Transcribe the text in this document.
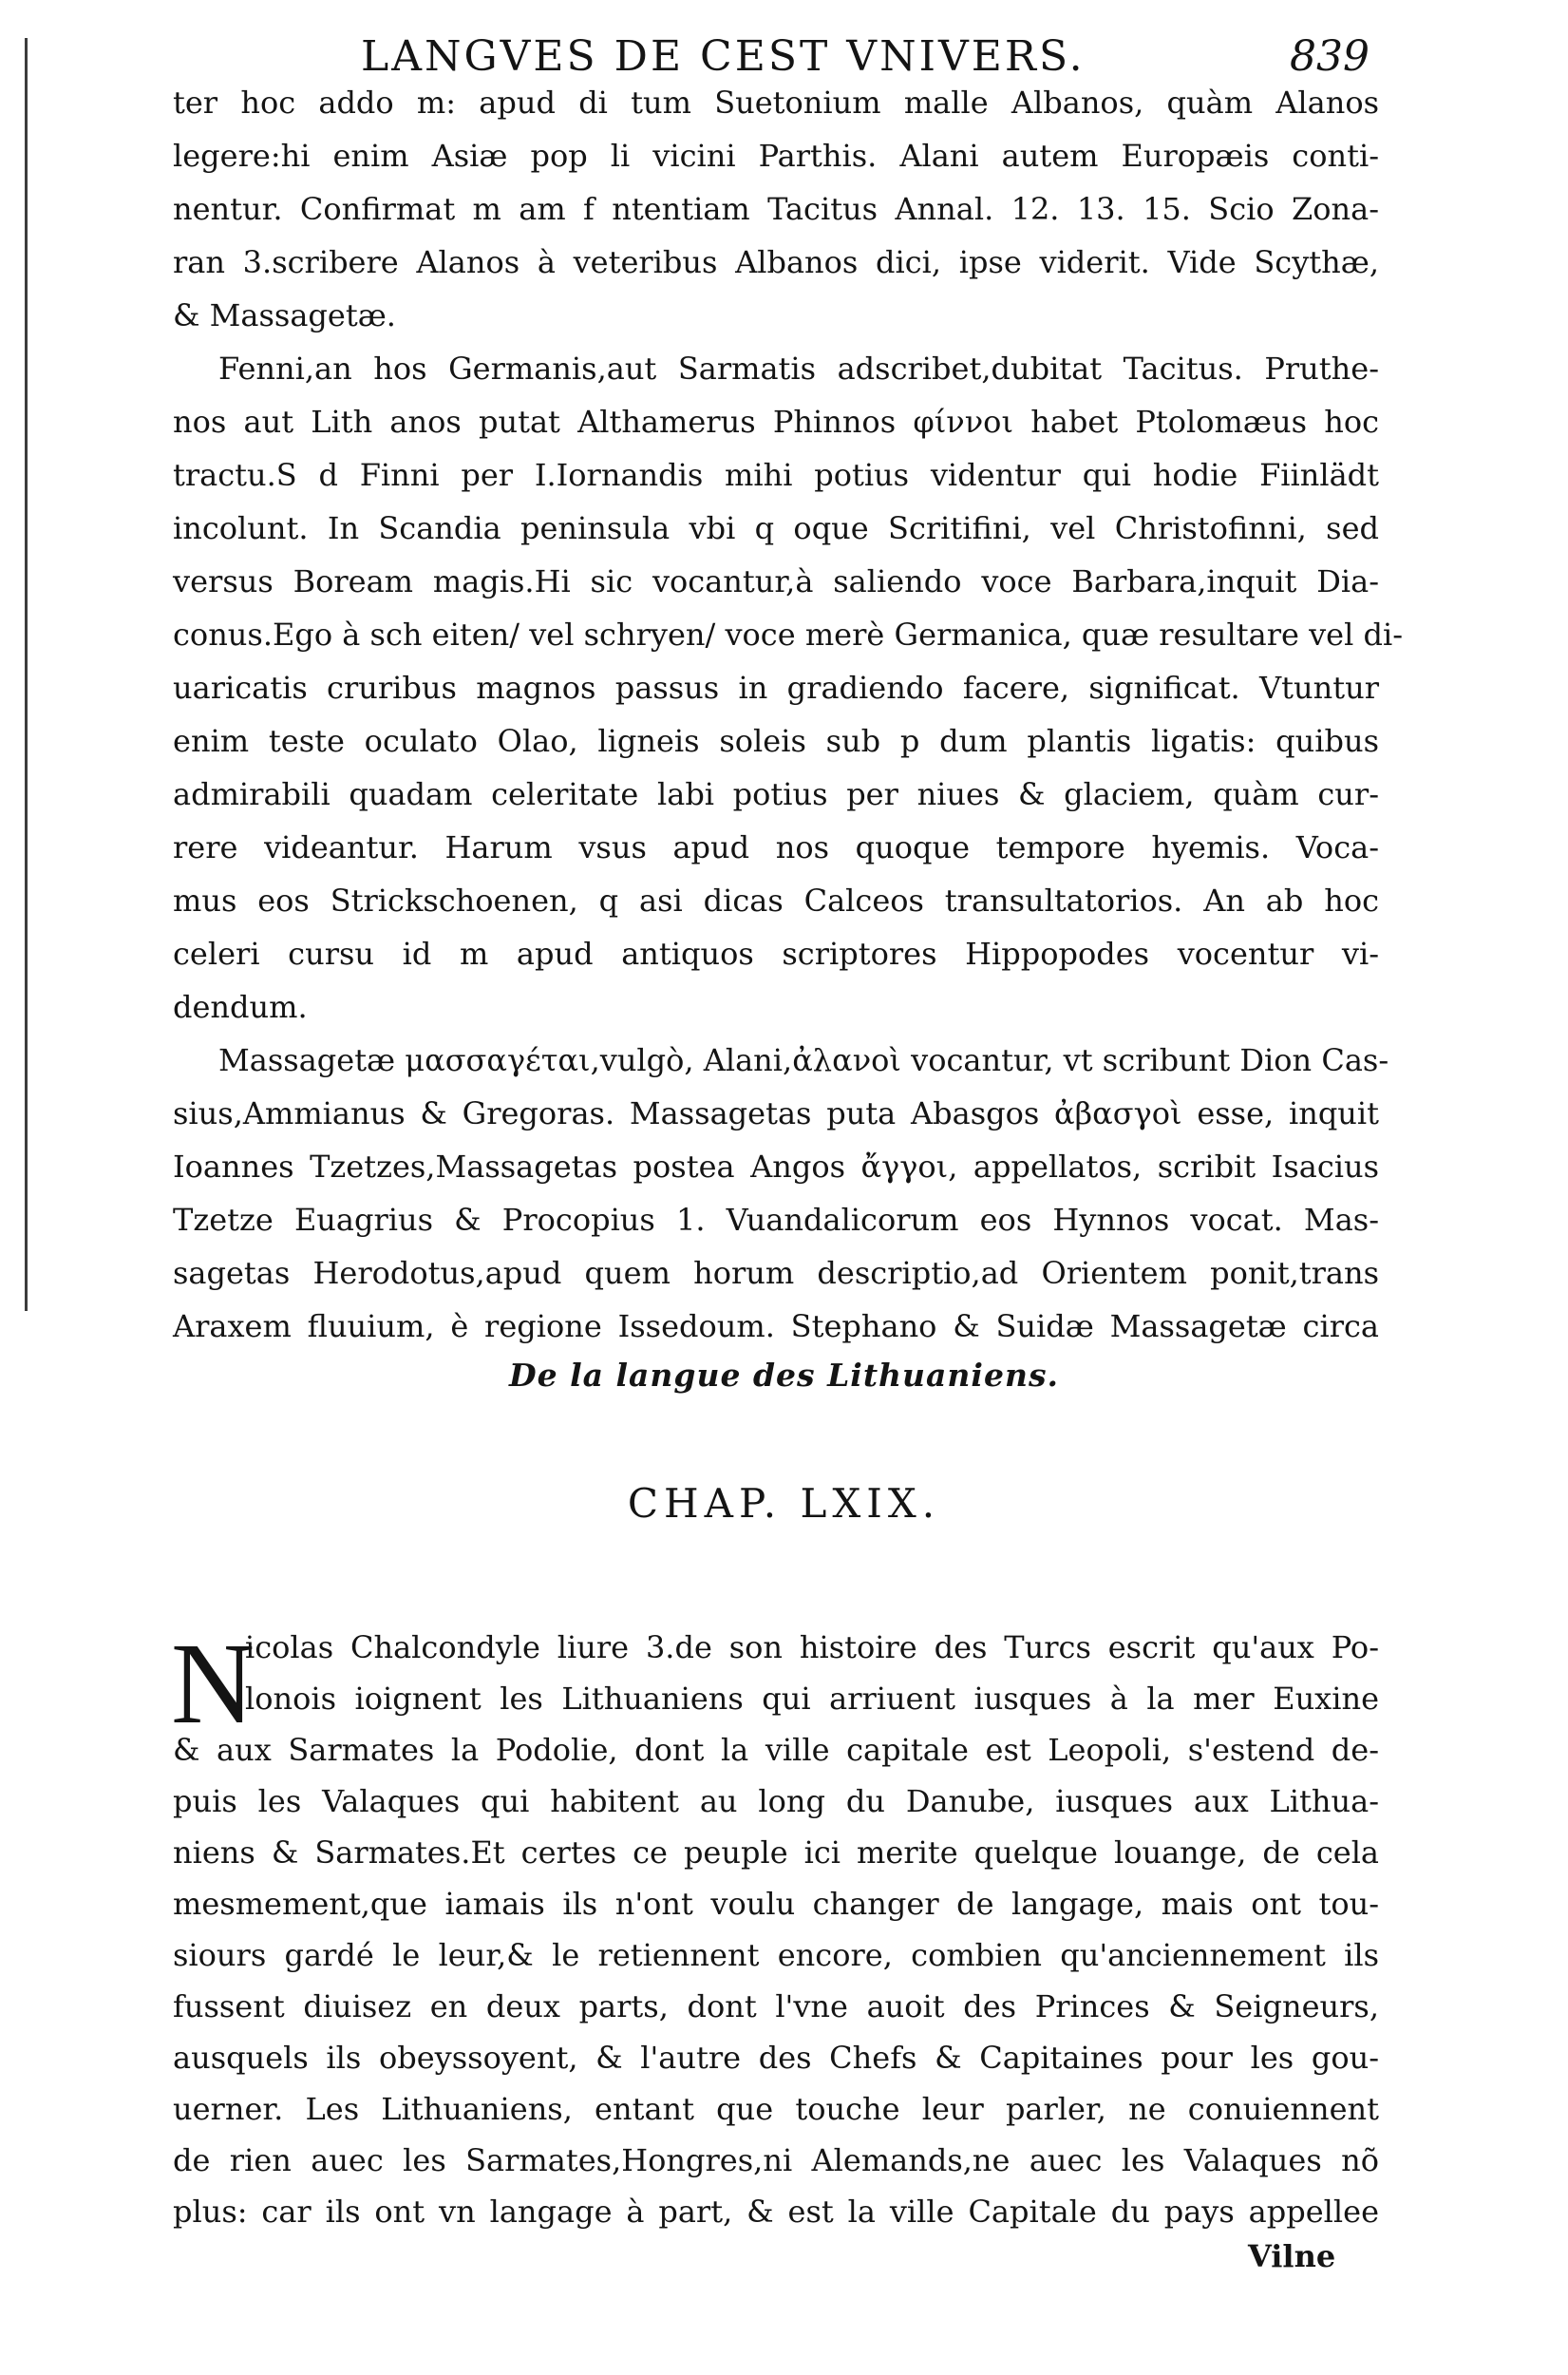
LANGVES DE CEST VNIVERS.	839
ter hoc addo m: apud di tum Suetonium malle Albanos, quàm Alanos
legere:hi enim Asiæ pop li vicini Parthis. Alani autem Europæis conti-
nentur. Confirmat m am f ntentiam Tacitus Annal. 12. 13. 15. Scio Zona-
ran 3.scribere Alanos à veteribus Albanos dici, ipse viderit. Vide Scythæ,
& Massagetæ.
Fenni,an hos Germanis,aut Sarmatis adscribet,dubitat Tacitus. Pruthe-
nos aut Lith anos putat Althamerus Phinnos φίννοι habet Ptolomæus hoc
tractu.S d Finni per I.Iornandis mihi potius videntur qui hodie Fiinlädt
incolunt. In Scandia peninsula vbi q oque Scritifini, vel Christofinni, sed
versus Boream magis.Hi sic vocantur,à saliendo voce Barbara,inquit Dia-
conus.Ego à sch eiten/ vel schryen/ voce merè Germanica, quæ resultare vel di-
uaricatis cruribus magnos passus in gradiendo facere, significat. Vtuntur
enim teste oculato Olao, ligneis soleis sub p dum plantis ligatis: quibus
admirabili quadam celeritate labi potius per niues & glaciem, quàm cur-
rere videantur. Harum vsus apud nos quoque tempore hyemis. Voca-
mus eos Strickschoenen, q asi dicas Calceos transultatorios. An ab hoc
celeri cursu id m apud antiquos scriptores Hippopodes vocentur vi-
dendum.
Massagetæ μασσαγέται,vulgò, Alani,ἀλανοὶ vocantur, vt scribunt Dion Cas-
sius,Ammianus & Gregoras. Massagetas puta Abasgos ἀβασγοὶ esse, inquit
Ioannes Tzetzes,Massagetas postea Angos ἄγγοι, appellatos, scribit Isacius
Tzetze Euagrius & Procopius 1. Vuandalicorum eos Hynnos vocat. Mas-
sagetas Herodotus,apud quem horum descriptio,ad Orientem ponit,trans
Araxem fluuium, è regione Issedoum. Stephano & Suidæ Massagetæ circa
De la langue des Lithuaniens.
CHAP. LXIX.
N
icolas Chalcondyle liure 3.de son histoire des Turcs escrit qu'aux Po-
lonois ioignent les Lithuaniens qui arriuent iusques à la mer Euxine
& aux Sarmates la Podolie, dont la ville capitale est Leopoli, s'estend de-
puis les Valaques qui habitent au long du Danube, iusques aux Lithua-
niens & Sarmates.Et certes ce peuple ici merite quelque louange, de cela
mesmement,que iamais ils n'ont voulu changer de langage, mais ont tou-
siours gardé le leur,& le retiennent encore, combien qu'anciennement ils
fussent diuisez en deux parts, dont l'vne auoit des Princes & Seigneurs,
ausquels ils obeyssoyent, & l'autre des Chefs & Capitaines pour les gou-
uerner. Les Lithuaniens, entant que touche leur parler, ne conuiennent
de rien auec les Sarmates,Hongres,ni Alemands,ne auec les Valaques nõ
plus: car ils ont vn langage à part, & est la ville Capitale du pays appellee
Vilne
